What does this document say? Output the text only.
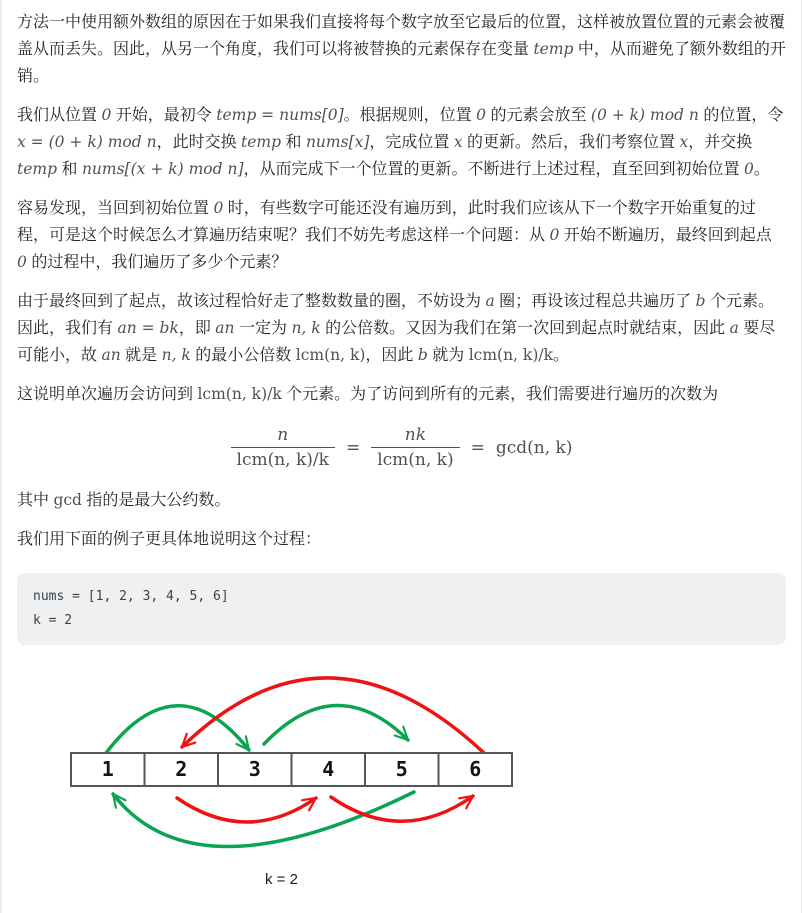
方法一中使用额外数组的原因在于如果我们直接将每个数字放至它最后的位置，这样被放置位置的元素会被覆盖从而丢失。因此，从另一个角度，我们可以将被替换的元素保存在变量 temp 中，从而避免了额外数组的开销。

我们从位置 0 开始，最初令 temp = nums[0]。根据规则，位置 0 的元素会放至 (0 + k) mod n 的位置，令 x = (0 + k) mod n，此时交换 temp 和 nums[x]，完成位置 x 的更新。然后，我们考察位置 x，并交换 temp 和 nums[(x + k) mod n]，从而完成下一个位置的更新。不断进行上述过程，直至回到初始位置 0。

容易发现，当回到初始位置 0 时，有些数字可能还没有遍历到，此时我们应该从下一个数字开始重复的过程，可是这个时候怎么才算遍历结束呢？我们不妨先考虑这样一个问题：从 0 开始不断遍历，最终回到起点 0 的过程中，我们遍历了多少个元素？

由于最终回到了起点，故该过程恰好走了整数数量的圈，不妨设为 a 圈；再设该过程总共遍历了 b 个元素。因此，我们有 an = bk，即 an 一定为 n, k 的公倍数。又因为我们在第一次回到起点时就结束，因此 a 要尽可能小，故 an 就是 n, k 的最小公倍数 lcm(n, k)，因此 b 就为 lcm(n, k)/k。

这说明单次遍历会访问到 lcm(n, k)/k 个元素。为了访问到所有的元素，我们需要进行遍历的次数为

$\frac{n}{\text{lcm(n, k)/k}} = \frac{nk}{\text{lcm(n, k)}} = \gcd(n$, k)

其中 gcd 指的是最大公约数。

我们用下面的例子更具体地说明这个过程：

nums = [1, 2, 3, 4, 5, 6]
k = 2
1	2	3	4	5	6
k = 2
